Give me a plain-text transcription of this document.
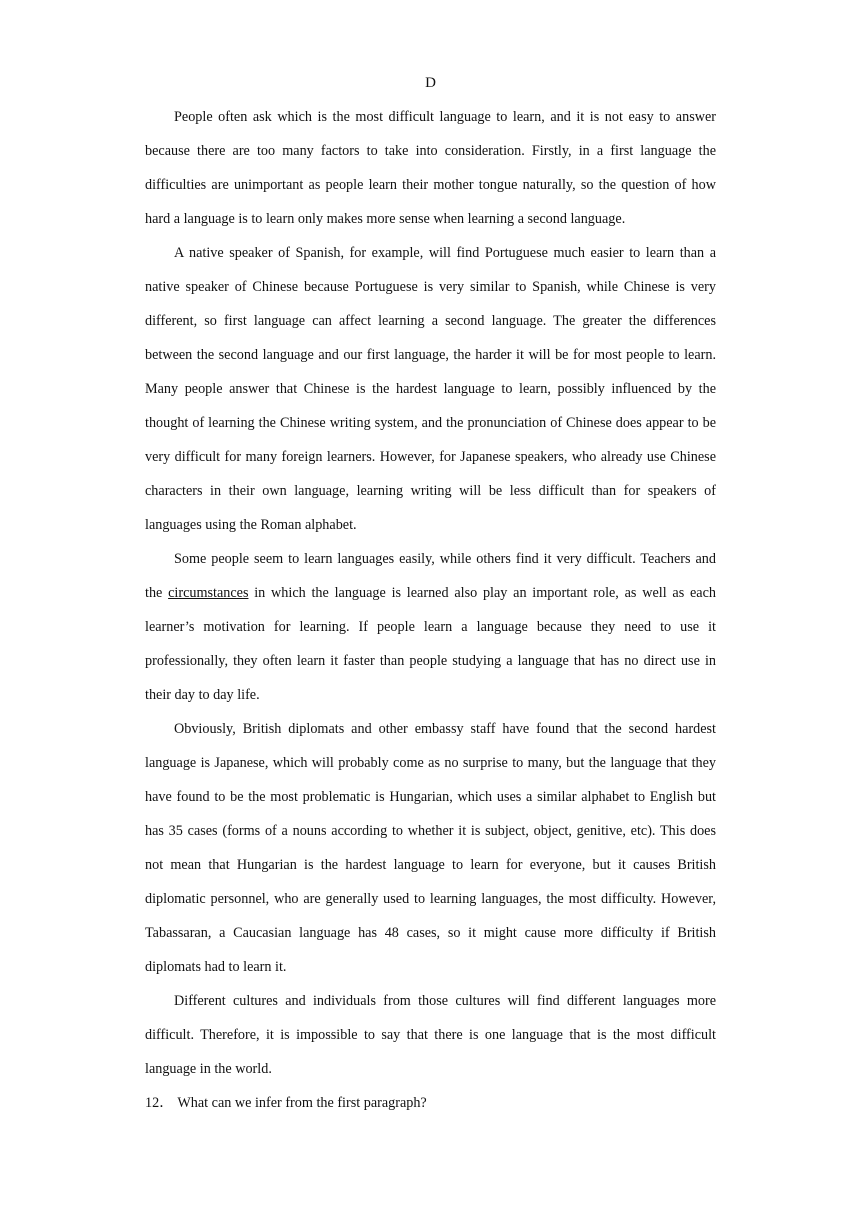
D

People often ask which is the most difficult language to learn, and it is not easy to answer because there are too many factors to take into consideration. Firstly, in a first language the difficulties are unimportant as people learn their mother tongue naturally, so the question of how hard a language is to learn only makes more sense when learning a second language.

A native speaker of Spanish, for example, will find Portuguese much easier to learn than a native speaker of Chinese because Portuguese is very similar to Spanish, while Chinese is very different, so first language can affect learning a second language. The greater the differences between the second language and our first language, the harder it will be for most people to learn. Many people answer that Chinese is the hardest language to learn, possibly influenced by the thought of learning the Chinese writing system, and the pronunciation of Chinese does appear to be very difficult for many foreign learners. However, for Japanese speakers, who already use Chinese characters in their own language, learning writing will be less difficult than for speakers of languages using the Roman alphabet.

Some people seem to learn languages easily, while others find it very difficult. Teachers and the circumstances in which the language is learned also play an important role, as well as each learner’s motivation for learning. If people learn a language because they need to use it professionally, they often learn it faster than people studying a language that has no direct use in their day to day life.

Obviously, British diplomats and other embassy staff have found that the second hardest language is Japanese, which will probably come as no surprise to many, but the language that they have found to be the most problematic is Hungarian, which uses a similar alphabet to English but has 35 cases (forms of a nouns according to whether it is subject, object, genitive, etc). This does not mean that Hungarian is the hardest language to learn for everyone, but it causes British diplomatic personnel, who are generally used to learning languages, the most difficulty. However, Tabassaran, a Caucasian language has 48 cases, so it might cause more difficulty if British diplomats had to learn it.

Different cultures and individuals from those cultures will find different languages more difficult. Therefore, it is impossible to say that there is one language that is the most difficult language in the world.

12． What can we infer from the first paragraph?
